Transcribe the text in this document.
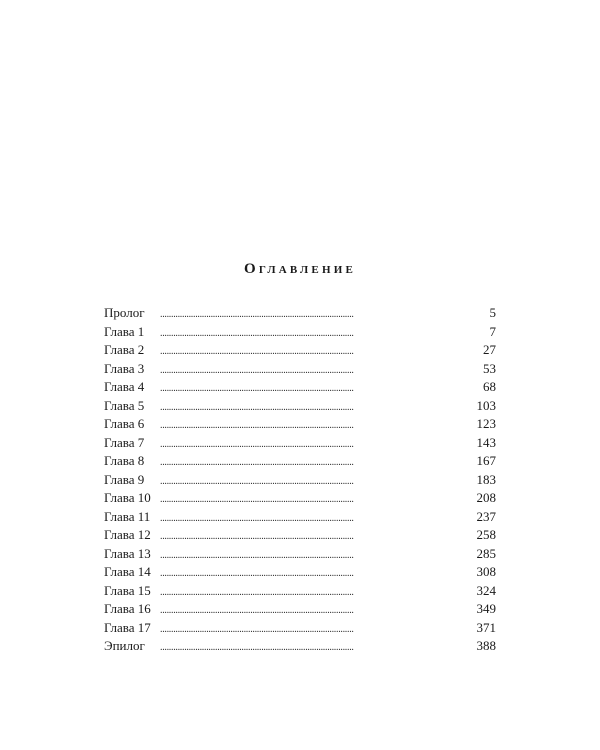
Оглавление
Пролог . . .	5
Глава 1 . . .	7
Глава 2 . . .	27
Глава 3 . . .	53
Глава 4 . . .	68
Глава 5 . . .	103
Глава 6 . . .	123
Глава 7 . . .	143
Глава 8 . . .	167
Глава 9 . . .	183
Глава 10 . . .	208
Глава 11 . . .	237
Глава 12 . . .	258
Глава 13 . . .	285
Глава 14 . . .	308
Глава 15 . . .	324
Глава 16 . . .	349
Глава 17 . . .	371
Эпилог . . .	388
